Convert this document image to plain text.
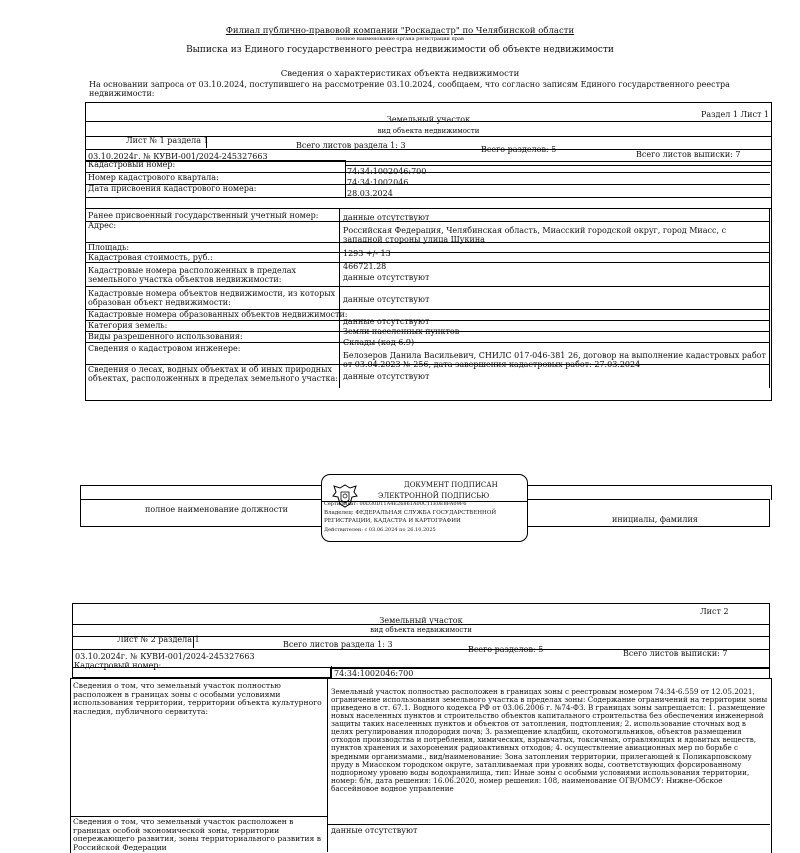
Филиал публично-правовой компании "Роскадастр" по Челябинской области
полное наименование органа регистрации прав
Выписка из Единого государственного реестра недвижимости об объекте недвижимости
Сведения о характеристиках объекта недвижимости
На основании запроса от 03.10.2024, поступившего на рассмотрение 03.10.2024, сообщаем, что согласно записям Единого государственного реестра недвижимости:
Раздел 1 Лист 1
Земельный участок
вид объекта недвижимости
Лист № 1 раздела 1
Всего листов раздела 1: 3	Всего разделов: 5
Всего листов выписки: 7
03.10.2024г. № КУВИ-001/2024-245327663
Кадастровый номер:
74:34:1002046:700
Номер кадастрового квартала:
74:34:1002046
Дата присвоения кадастрового номера:
28.03.2024
Ранее присвоенный государственный учетный номер:	данные отсутствуют
Адрес:
Российская Федерация, Челябинская область, Миасский городской округ, город Миасс, с западной стороны улица Щукина
Площадь:
1293 +/- 13
Кадастровая стоимость, руб.:
466721.28
Кадастровые номера расположенных в пределах земельного участка объектов недвижимости:	данные отсутствуют
Кадастровые номера объектов недвижимости, из которых образован объект недвижимости:	данные отсутствуют
Кадастровые номера образованных объектов недвижимости:
данные отсутствуют
Категория земель:
Земли населенных пунктов
Виды разрешенного использования:
Склады (код 6.9)
Сведения о кадастровом инженере:
Белозеров Данила Васильевич, СНИЛС 017-046-381 26, договор на выполнение кадастровых работ от 03.04.2023 № 256, дата завершения кадастровых работ: 27.03.2024
Сведения о лесах, водных объектах и об иных природных объектах, расположенных в пределах земельного участка: данные отсутствуют
полное наименование должности
инициалы, фамилия
ДОКУМЕНТ ПОДПИСАН
ЭЛЕКТРОННОЙ ПОДПИСЬЮ
Сертификат: 00D30D11A4E26861A00C11E0E8FA09F6
Владелец: ФЕДЕРАЛЬНАЯ СЛУЖБА ГОСУДАРСТВЕННОЙ
РЕГИСТРАЦИИ, КАДАСТРА И КАРТОГРАФИИ
Действителен: с 03.06.2024 по 26.10.2025
Лист 2
Земельный участок
вид объекта недвижимости
Лист № 2 раздела 1
Всего листов раздела 1: 3
Всего разделов: 5	Всего листов выписки: 7
03.10.2024г. № КУВИ-001/2024-245327663
Кадастровый номер:
74:34:1002046:700
Сведения о том, что земельный участок полностью расположен в границах зоны с особыми условиями использования территории, территории объекта культурного наследия, публичного сервитута:
Земельный участок полностью расположен в границах зоны с реестровым номером 74:34-6.559 от 12.05.2021, ограничение использования земельного участка в пределах зоны: Содержание ограничений на территории зоны приведено в ст. 67.1. Водного кодекса РФ от 03.06.2006 г. №74-ФЗ. В границах зоны запрещается: 1. размещение новых населенных пунктов и строительство объектов капитального строительства без обеспечения инженерной защиты таких населенных пунктов и объектов от затопления, подтопления; 2. использование сточных вод в целях регулирования плодородия почв; 3. размещение кладбищ, скотомогильников, объектов размещения отходов производства и потребления, химических, взрывчатых, токсичных, отравляющих и ядовитых веществ, пунктов хранения и захоронения радиоактивных отходов; 4. осуществление авиационных мер по борьбе с вредными организмами., вид/наименование: Зона затопления территории, прилегающей к Поликарповскому пруду в Миасском городском округе, затапливаемая при уровнях воды, соответствующих форсированному подпорному уровню воды водохранилища, тип: Иные зоны с особыми условиями использования территории, номер: б/н, дата решения: 16.06.2020, номер решения: 108, наименование ОГВ/ОМСУ: Нижне-Обское бассейновое водное управление
Сведения о том, что земельный участок расположен в границах особой экономической зоны, территории опережающего развития, зоны территориального развития в Российской Федерации
данные отсутствуют
